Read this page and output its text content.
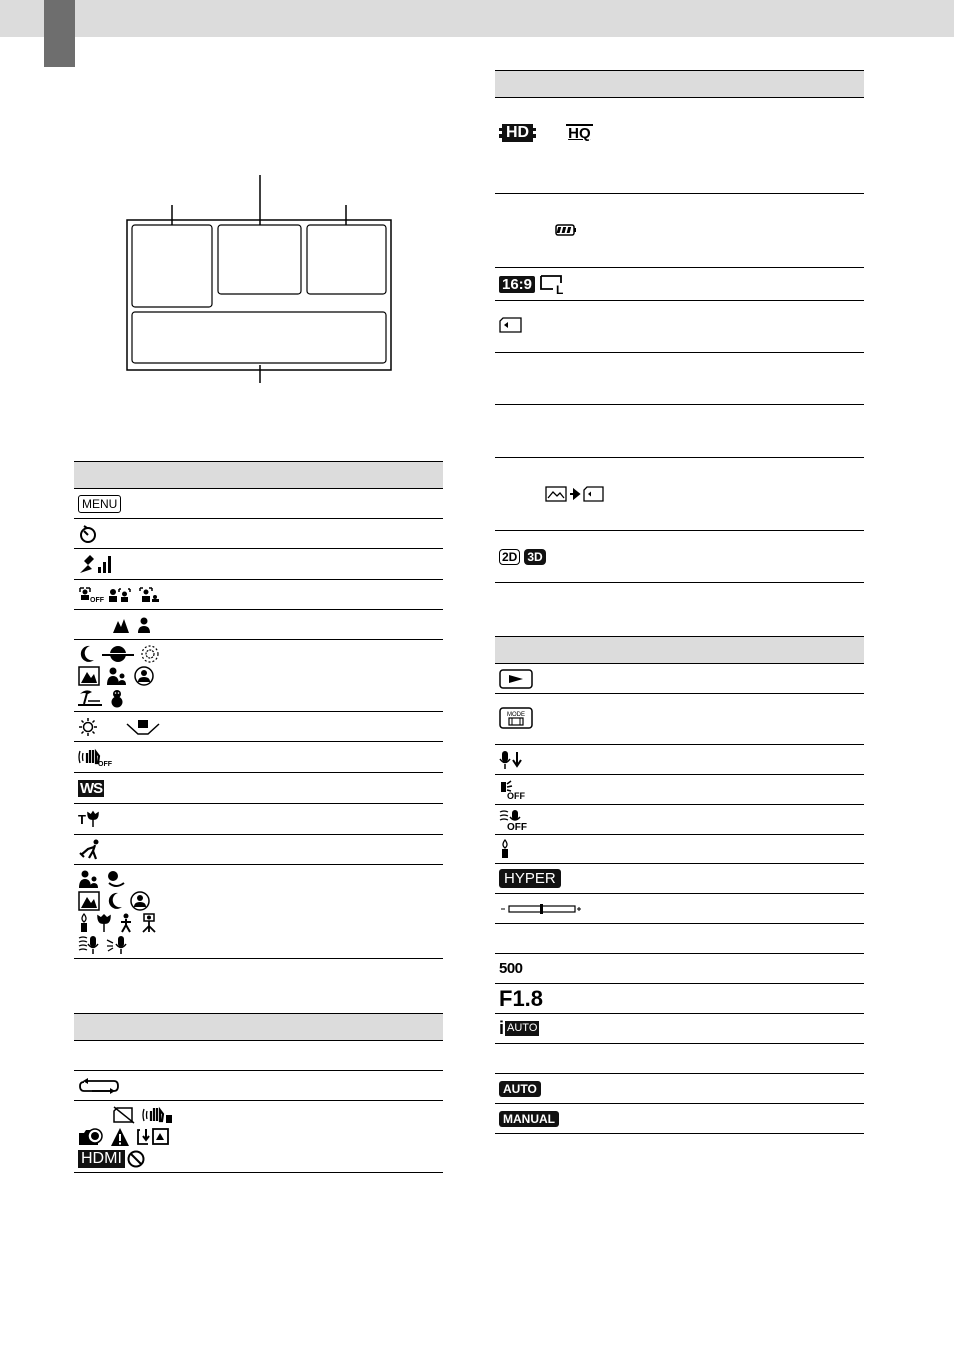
MENU
OFF
OFF
WS
T
HDMI
HD	HQ
16:9 L
2D 3D
MODE
OFF
OFF
HYPER
500
F1.8
i AUTO
AUTO
MANUAL
